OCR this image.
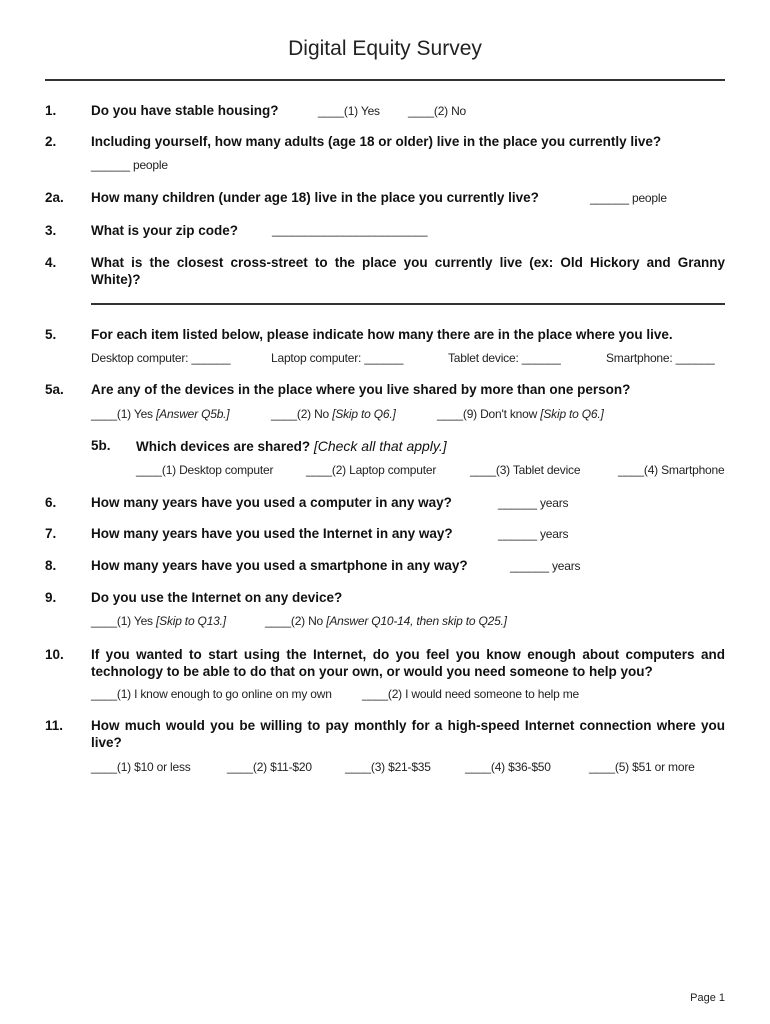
Digital Equity Survey
1.	Do you have stable housing?	____(1) Yes ____(2) No
2.	Including yourself, how many adults (age 18 or older) live in the place you currently live?
______ people
2a. How many children (under age 18) live in the place you currently live?	______ people
3.	What is your zip code?	________________________
4.	What is the closest cross-street to the place you currently live (ex: Old Hickory and Granny White)?
5.	For each item listed below, please indicate how many there are in the place where you live.
Desktop computer: ______	Laptop computer: ______	Tablet device: ______	Smartphone: ______
5a. Are any of the devices in the place where you live shared by more than one person?
____(1) Yes [Answer Q5b.]	____(2) No [Skip to Q6.]	____(9) Don't know [Skip to Q6.]
5b. Which devices are shared? [Check all that apply.]
____(1) Desktop computer	____(2) Laptop computer	____(3) Tablet device	____(4) Smartphone
6.	How many years have you used a computer in any way?	______ years
7.	How many years have you used the Internet in any way?	______ years
8.	How many years have you used a smartphone in any way?	______ years
9.	Do you use the Internet on any device?
____(1) Yes [Skip to Q13.]	____(2) No [Answer Q10-14, then skip to Q25.]
10. If you wanted to start using the Internet, do you feel you know enough about computers and technology to be able to do that on your own, or would you need someone to help you?
____(1) I know enough to go online on my own	____(2) I would need someone to help me
11. How much would you be willing to pay monthly for a high-speed Internet connection where you live?
____(1) $10 or less	____(2) $11-$20	____(3) $21-$35	____(4) $36-$50	____(5) $51 or more
Page 1
